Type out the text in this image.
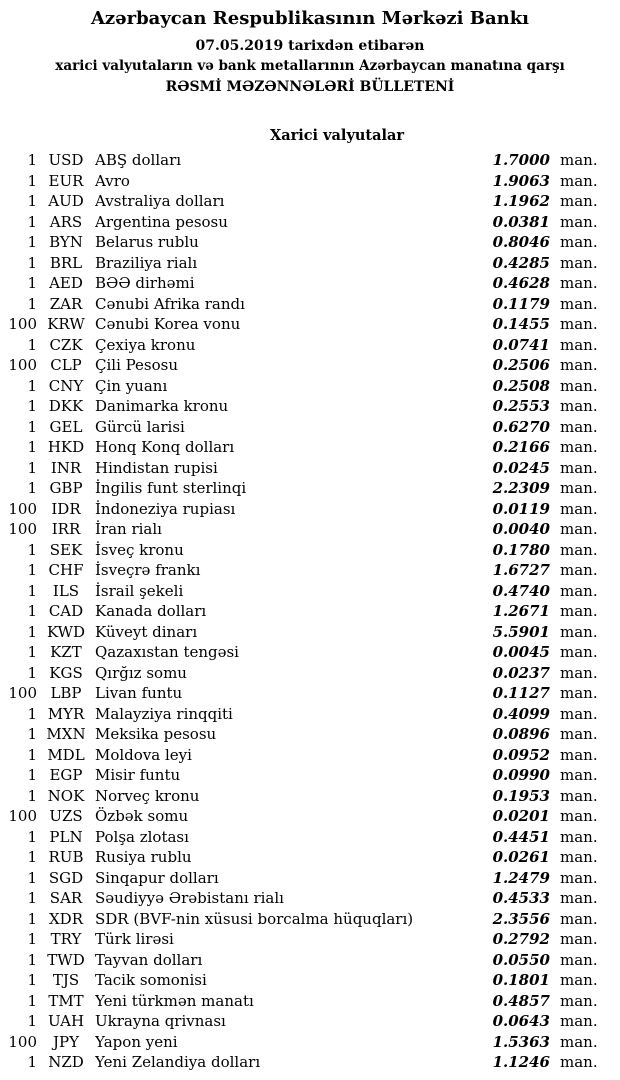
Azərbaycan Respublikasının Mərkəzi Bankı
07.05.2019 tarixdən etibarən
xarici valyutaların və bank metallarının Azərbaycan manatına qarşı
RƏSMİ MƏZƏNNƏLƏRİ BÜLLETENİ
Xarici valyutalar
1 USD ABŞ dolları	1.7000 man.
1 EUR Avro	1.9063 man.
1 AUD Avstraliya dolları	1.1962 man.
1 ARS Argentina pesosu	0.0381 man.
1 BYN Belarus rublu	0.8046 man.
1 BRL Braziliya rialı	0.4285 man.
1 AED BƏƏ dirhəmi	0.4628 man.
1 ZAR Cənubi Afrika randı	0.1179 man.
100 KRW Cənubi Korea vonu	0.1455 man.
1 CZK Çexiya kronu	0.0741 man.
100 CLP Çili Pesosu	0.2506 man.
1 CNY Çin yuanı	0.2508 man.
1 DKK Danimarka kronu	0.2553 man.
1 GEL Gürcü larisi	0.6270 man.
1 HKD Honq Konq dolları	0.2166 man.
1 INR Hindistan rupisi	0.0245 man.
1 GBP İngilis funt sterlinqi	2.2309 man.
100 IDR İndoneziya rupiası	0.0119 man.
100 IRR İran rialı	0.0040 man.
1 SEK İsveç kronu	0.1780 man.
1 CHF İsveçrə frankı	1.6727 man.
1	ILS	İsrail şekeli	0.4740 man.
1 CAD Kanada dolları	1.2671 man.
1 KWD Küveyt dinarı	5.5901 man.
1 KZT Qazaxıstan tengəsi	0.0045 man.
1 KGS Qırğız somu	0.0237 man.
100 LBP Livan funtu	0.1127 man.
1 MYR Malayziya rinqqiti	0.4099 man.
1 MXN Meksika pesosu	0.0896 man.
1 MDL Moldova leyi	0.0952 man.
1 EGP Misir funtu	0.0990 man.
1 NOK Norveç kronu	0.1953 man.
100 UZS Özbək somu	0.0201 man.
1 PLN Polşa zlotası	0.4451 man.
1 RUB Rusiya rublu	0.0261 man.
1 SGD Sinqapur dolları	1.2479 man.
1 SAR Səudiyyə Ərəbistanı rialı	0.4533 man.
1 XDR SDR (BVF-nin xüsusi borcalma hüquqları)	2.3556 man.
1 TRY Türk lirəsi	0.2792 man.
1 TWD Tayvan dolları	0.0550 man.
1	TJS	Tacik somonisi	0.1801 man.
1 TMT Yeni türkmən manatı	0.4857 man.
1 UAH Ukrayna qrivnası	0.0643 man.
100	JPY	Yapon yeni	1.5363 man.
1 NZD Yeni Zelandiya dolları	1.1246 man.
